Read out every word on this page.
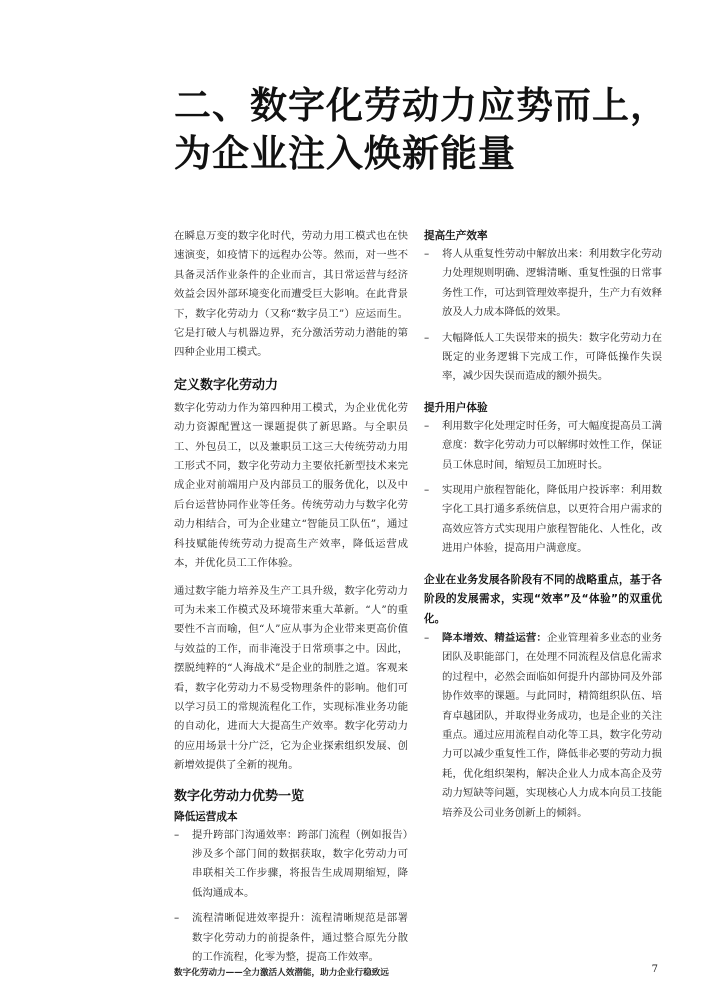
二、数字化劳动力应势而上，
为企业注入焕新能量

在瞬息万变的数字化时代，劳动力用工模式也在快速演变，如疫情下的远程办公等。然而，对一些不具备灵活作业条件的企业而言，其日常运营与经济效益会因外部环境变化而遭受巨大影响。在此背景下，数字化劳动力（又称“数字员工”）应运而生。它是打破人与机器边界，充分激活劳动力潜能的第四种企业用工模式。

定义数字化劳动力

数字化劳动力作为第四种用工模式，为企业优化劳动力资源配置这一课题提供了新思路。与全职员工、外包员工，以及兼职员工这三大传统劳动力用工形式不同，数字化劳动力主要依托新型技术来完成企业对前端用户及内部员工的服务优化，以及中后台运营协同作业等任务。传统劳动力与数字化劳动力相结合，可为企业建立“智能员工队伍”，通过科技赋能传统劳动力提高生产效率，降低运营成本，并优化员工工作体验。

通过数字能力培养及生产工具升级，数字化劳动力可为未来工作模式及环境带来重大革新。“人”的重要性不言而喻，但“人”应从事为企业带来更高价值与效益的工作，而非淹没于日常琐事之中。因此，摆脱纯粹的“人海战术”是企业的制胜之道。客观来看，数字化劳动力不易受物理条件的影响。他们可以学习员工的常规流程化工作，实现标准业务功能的自动化，进而大大提高生产效率。数字化劳动力的应用场景十分广泛，它为企业探索组织发展、创新增效提供了全新的视角。

数字化劳动力优势一览
降低运营成本
–	提升跨部门沟通效率：跨部门流程（例如报告）涉及多个部门间的数据获取，数字化劳动力可串联相关工作步骤，将报告生成周期缩短，降低沟通成本。
–	流程清晰促进效率提升：流程清晰规范是部署数字化劳动力的前提条件，通过整合原先分散的工作流程，化零为整，提高工作效率。
提高生产效率
–	将人从重复性劳动中解放出来：利用数字化劳动力处理规则明确、逻辑清晰、重复性强的日常事务性工作，可达到管理效率提升，生产力有效释放及人力成本降低的效果。
–	大幅降低人工失误带来的损失：数字化劳动力在既定的业务逻辑下完成工作，可降低操作失误率，减少因失误而造成的额外损失。
提升用户体验
–	利用数字化处理定时任务，可大幅度提高员工满意度：数字化劳动力可以解绑时效性工作，保证员工休息时间，缩短员工加班时长。
–	实现用户旅程智能化，降低用户投诉率：利用数字化工具打通多系统信息，以更符合用户需求的高效应答方式实现用户旅程智能化、人性化，改进用户体验，提高用户满意度。

企业在业务发展各阶段有不同的战略重点，基于各阶段的发展需求，实现“效率”及“体验”的双重优化。

–	降本增效、精益运营：企业管理着多业态的业务团队及职能部门，在处理不同流程及信息化需求的过程中，必然会面临如何提升内部协同及外部协作效率的课题。与此同时，精简组织队伍、培育卓越团队，并取得业务成功，也是企业的关注重点。通过应用流程自动化等工具，数字化劳动力可以减少重复性工作，降低非必要的劳动力损耗，优化组织架构，解决企业人力成本高企及劳动力短缺等问题，实现核心人力成本向员工技能培养及公司业务创新上的倾斜。
数字化劳动力——全力激活人效潜能，助力企业行稳致远	7
